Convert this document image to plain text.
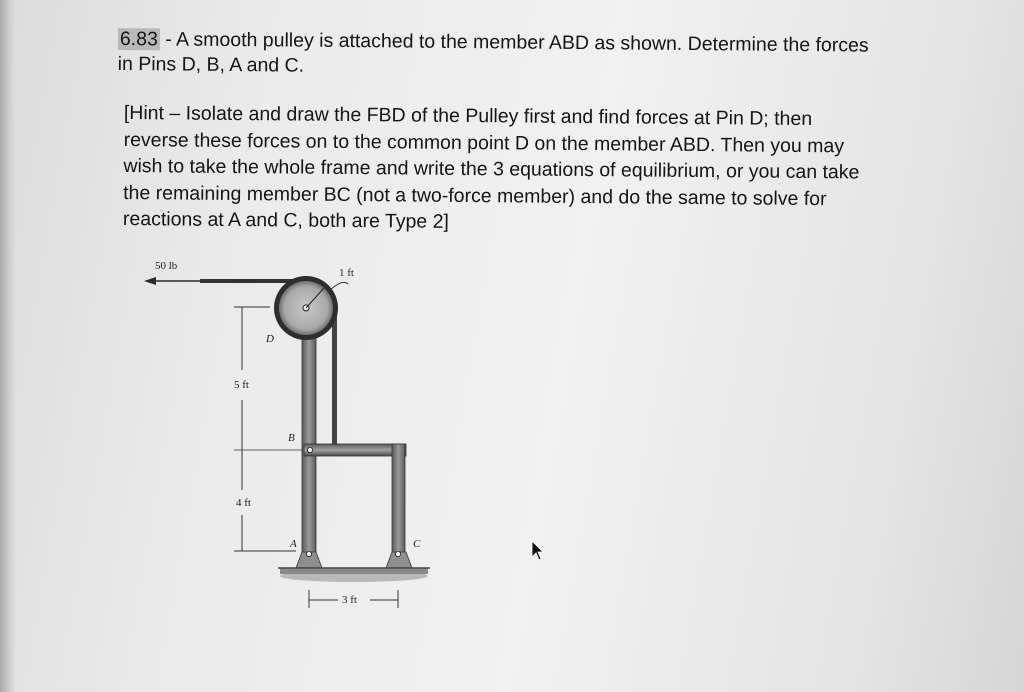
6.83 - A smooth pulley is attached to the member ABD as shown. Determine the forces
in Pins D, B, A and C.
[Hint – Isolate and draw the FBD of the Pulley first and find forces at Pin D; then
reverse these forces on to the common point D on the member ABD. Then you may
wish to take the whole frame and write the 3 equations of equilibrium, or you can take
the remaining member BC (not a two-force member) and do the same to solve for
reactions at A and C, both are Type 2]
50 lb
1 ft
D
B
A	C
5 ft
4 ft
3 ft
